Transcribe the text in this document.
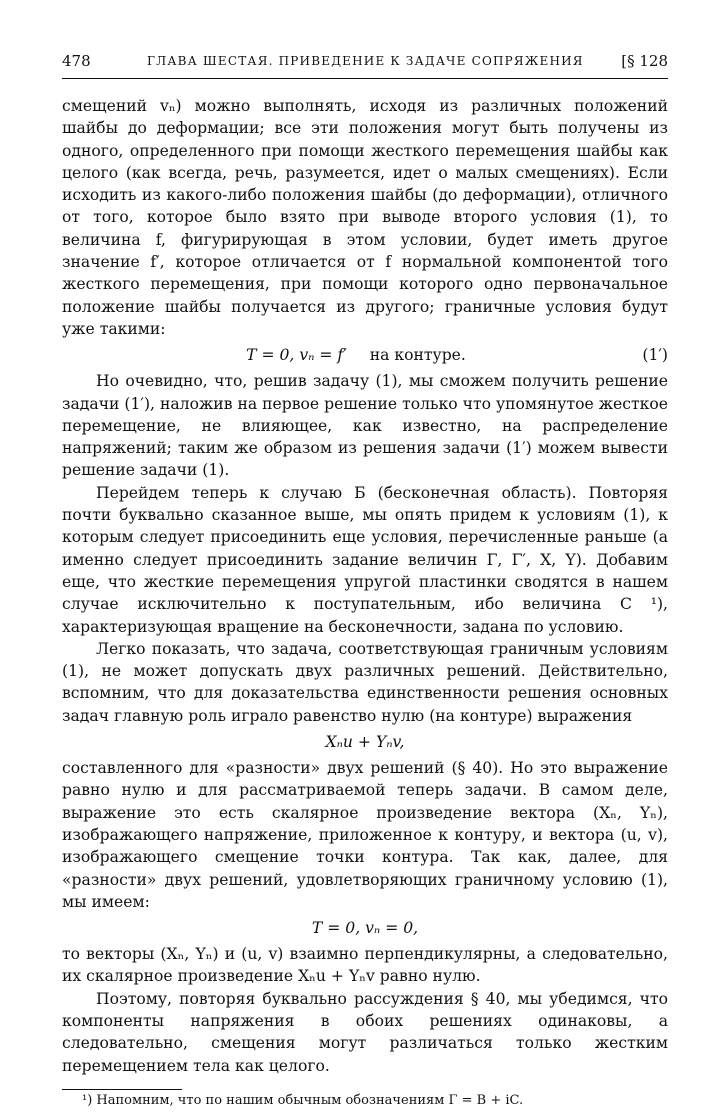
478	ГЛАВА ШЕСТАЯ. ПРИВЕДЕНИЕ К ЗАДАЧЕ СОПРЯЖЕНИЯ	[§ 128

смещений vₙ) можно выполнять, исходя из различных положений шайбы до деформации; все эти положения могут быть получены из одного, определенного при помощи жесткого перемещения шайбы как целого (как всегда, речь, разумеется, идет о малых смещениях). Если исходить из какого-либо положения шайбы (до деформации), отличного от того, которое было взято при выводе второго условия (1), то величина f, фигурирующая в этом условии, будет иметь другое значение f′, которое отличается от f нормальной компонентой того жесткого перемещения, при помощи которого одно первоначальное положение шайбы получается из другого; граничные условия будут уже такими:

T = 0, vₙ = f′ на контуре.	(1′)

Но очевидно, что, решив задачу (1), мы сможем получить решение задачи (1′), наложив на первое решение только что упомянутое жесткое перемещение, не влияющее, как известно, на распределение напряжений; таким же образом из решения задачи (1′) можем вывести решение задачи (1).

Перейдем теперь к случаю Б (бесконечная область). Повторяя почти буквально сказанное выше, мы опять придем к условиям (1), к которым следует присоединить еще условия, перечисленные раньше (а именно следует присоединить задание величин Γ, Γ′, X, Y). Добавим еще, что жесткие перемещения упругой пластинки сводятся в нашем случае исключительно к поступательным, ибо величина C ¹), характеризующая вращение на бесконечности, задана по условию.

Легко показать, что задача, соответствующая граничным условиям (1), не может допускать двух различных решений. Действительно, вспомним, что для доказательства единственности решения основных задач главную роль играло равенство нулю (на контуре) выражения

Xₙu + Yₙv,

составленного для «разности» двух решений (§ 40). Но это выражение равно нулю и для рассматриваемой теперь задачи. В самом деле, выражение это есть скалярное произведение вектора (Xₙ, Yₙ), изображающего напряжение, приложенное к контуру, и вектора (u, v), изображающего смещение точки контура. Так как, далее, для «разности» двух решений, удовлетворяющих граничному условию (1), мы имеем:

T = 0, vₙ = 0,

то векторы (Xₙ, Yₙ) и (u, v) взаимно перпендикулярны, а следовательно, их скалярное произведение Xₙu + Yₙv равно нулю.

Поэтому, повторяя буквально рассуждения § 40, мы убедимся, что компоненты напряжения в обоих решениях одинаковы, а следовательно, смещения могут различаться только жестким перемещением тела как целого.

¹) Напомним, что по нашим обычным обозначениям Γ = B + iC.
